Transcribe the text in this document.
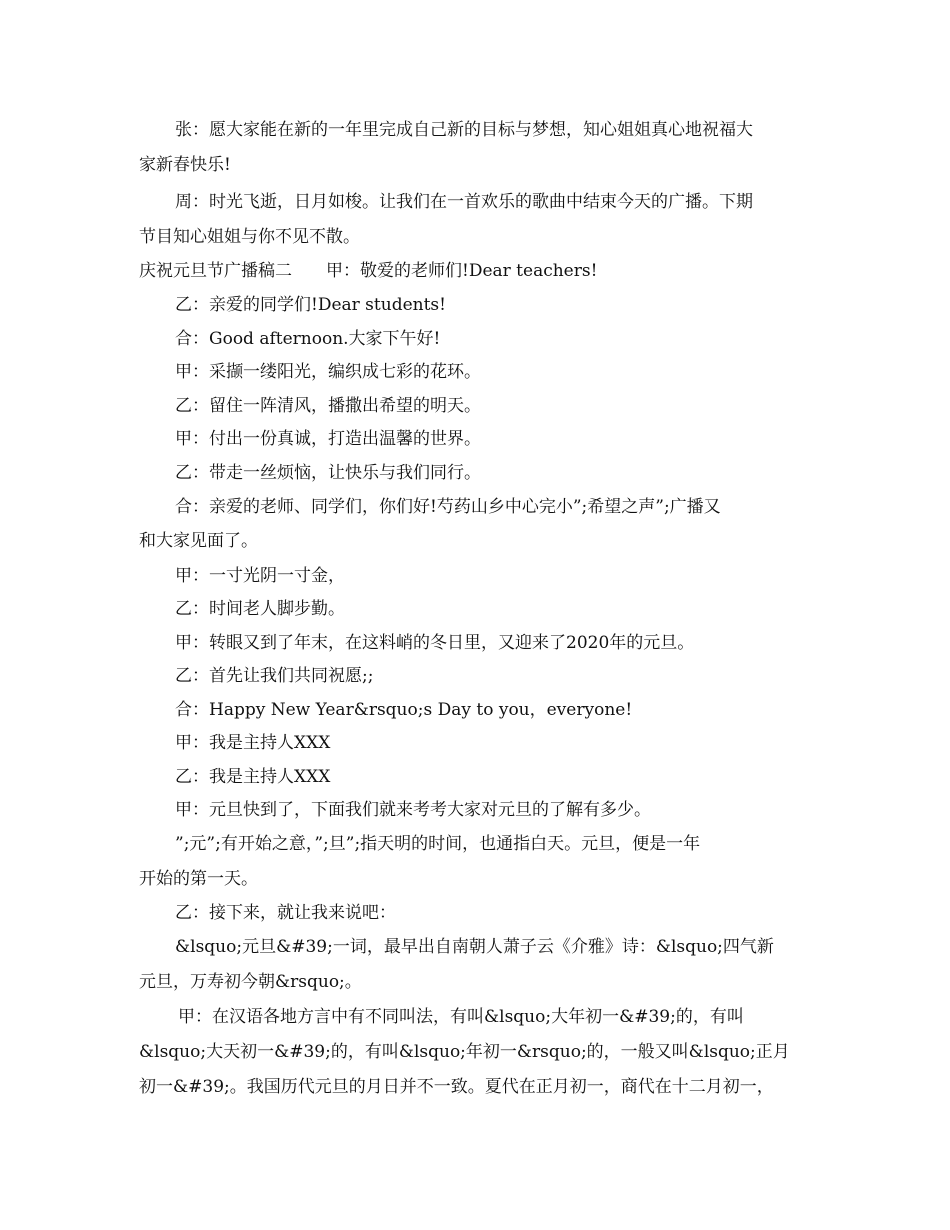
张：愿大家能在新的一年里完成自己新的目标与梦想，知心姐姐真心地祝福大
家新春快乐!
周：时光飞逝，日月如梭。让我们在一首欢乐的歌曲中结束今天的广播。下期
节目知心姐姐与你不见不散。
庆祝元旦节广播稿二　　甲：敬爱的老师们!Dear teachers!
乙：亲爱的同学们!Dear students!
合：Good afternoon.大家下午好!
甲：采撷一缕阳光，编织成七彩的花环。
乙：留住一阵清风，播撒出希望的明天。
甲：付出一份真诚，打造出温馨的世界。
乙：带走一丝烦恼，让快乐与我们同行。
合：亲爱的老师、同学们，你们好!芍药山乡中心完小”;希望之声”;广播又
和大家见面了。
甲：一寸光阴一寸金，
乙：时间老人脚步勤。
甲：转眼又到了年末，在这料峭的冬日里，又迎来了2020年的元旦。
乙：首先让我们共同祝愿;;
合：Happy New Year&rsquo;s Day to you，everyone!
甲：我是主持人XXX
乙：我是主持人XXX
甲：元旦快到了，下面我们就来考考大家对元旦的了解有多少。
”;元”;有开始之意，”;旦”;指天明的时间，也通指白天。元旦，便是一年
开始的第一天。
乙：接下来，就让我来说吧：
&lsquo;元旦&#39;一词，最早出自南朝人萧子云《介雅》诗：&lsquo;四气新
元旦，万寿初今朝&rsquo;。
甲：在汉语各地方言中有不同叫法，有叫&lsquo;大年初一&#39;的，有叫
&lsquo;大天初一&#39;的，有叫&lsquo;年初一&rsquo;的，一般又叫&lsquo;正月
初一&#39;。我国历代元旦的月日并不一致。夏代在正月初一，商代在十二月初一，
